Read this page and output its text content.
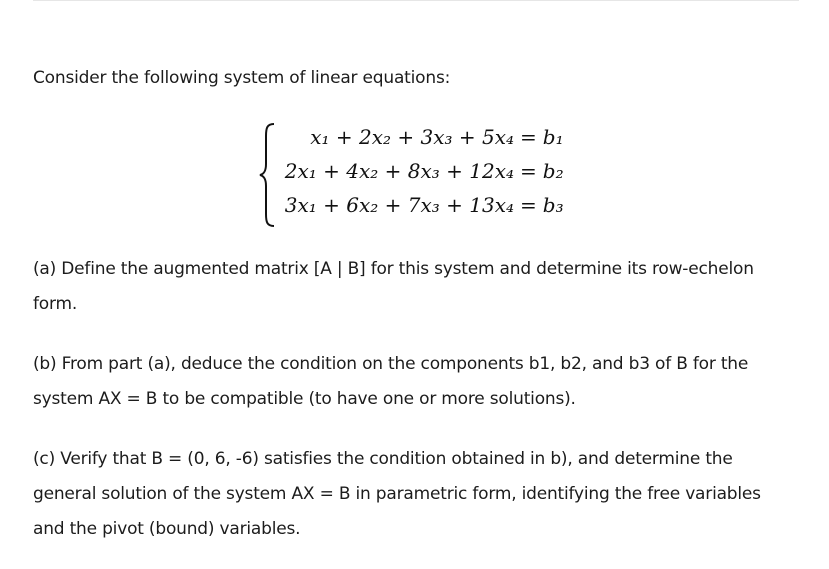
Consider the following system of linear equations:
x₁ + 2x₂ + 3x₃ + 5x₄ = b₁
2x₁ + 4x₂ + 8x₃ + 12x₄ = b₂
3x₁ + 6x₂ + 7x₃ + 13x₄ = b₃
(a) Define the augmented matrix [A | B] for this system and determine its row-echelon
form.
(b) From part (a), deduce the condition on the components b1, b2, and b3 of B for the
system AX = B to be compatible (to have one or more solutions).
(c) Verify that B = (0, 6, -6) satisfies the condition obtained in b), and determine the
general solution of the system AX = B in parametric form, identifying the free variables
and the pivot (bound) variables.
